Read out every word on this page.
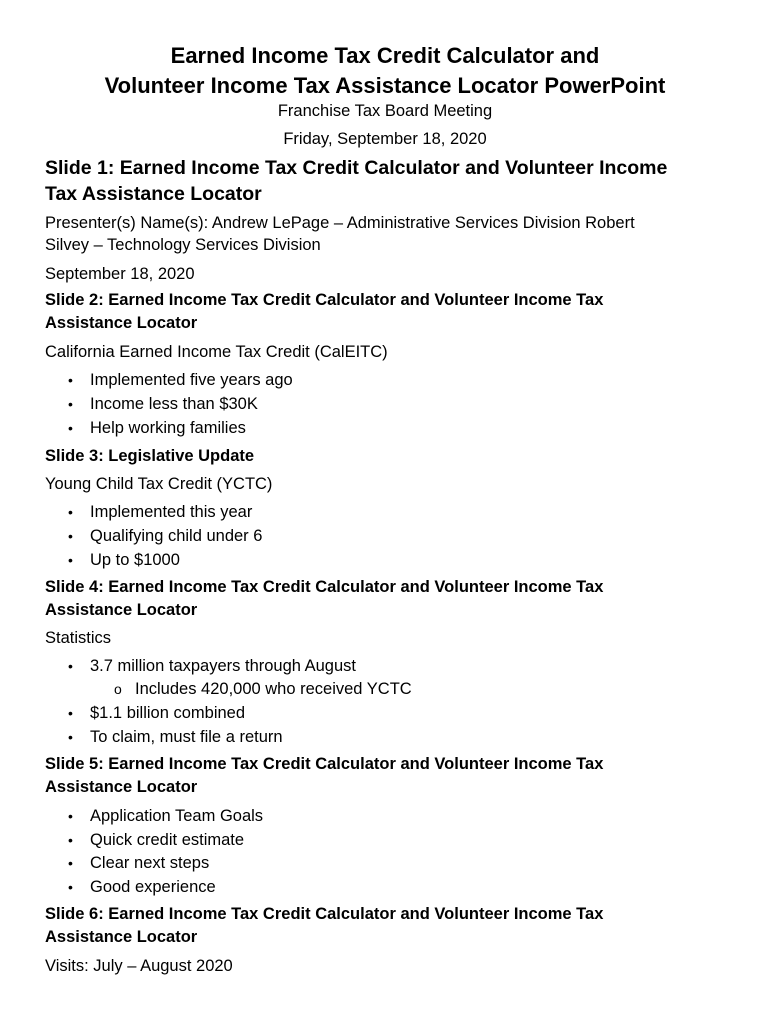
Earned Income Tax Credit Calculator and
Volunteer Income Tax Assistance Locator PowerPoint
Franchise Tax Board Meeting
Friday, September 18, 2020
Slide 1: Earned Income Tax Credit Calculator and Volunteer Income
Tax Assistance Locator
Presenter(s) Name(s): Andrew LePage – Administrative Services Division Robert
Silvey – Technology Services Division
September 18, 2020
Slide 2: Earned Income Tax Credit Calculator and Volunteer Income Tax
Assistance Locator
California Earned Income Tax Credit (CalEITC)
• Implemented five years ago
• Income less than $30K
• Help working families
Slide 3: Legislative Update
Young Child Tax Credit (YCTC)
• Implemented this year
• Qualifying child under 6
• Up to $1000
Slide 4: Earned Income Tax Credit Calculator and Volunteer Income Tax
Assistance Locator
Statistics
• 3.7 million taxpayers through August
o Includes 420,000 who received YCTC
• $1.1 billion combined
• To claim, must file a return
Slide 5: Earned Income Tax Credit Calculator and Volunteer Income Tax
Assistance Locator
• Application Team Goals
• Quick credit estimate
• Clear next steps
• Good experience
Slide 6: Earned Income Tax Credit Calculator and Volunteer Income Tax
Assistance Locator
Visits: July – August 2020
